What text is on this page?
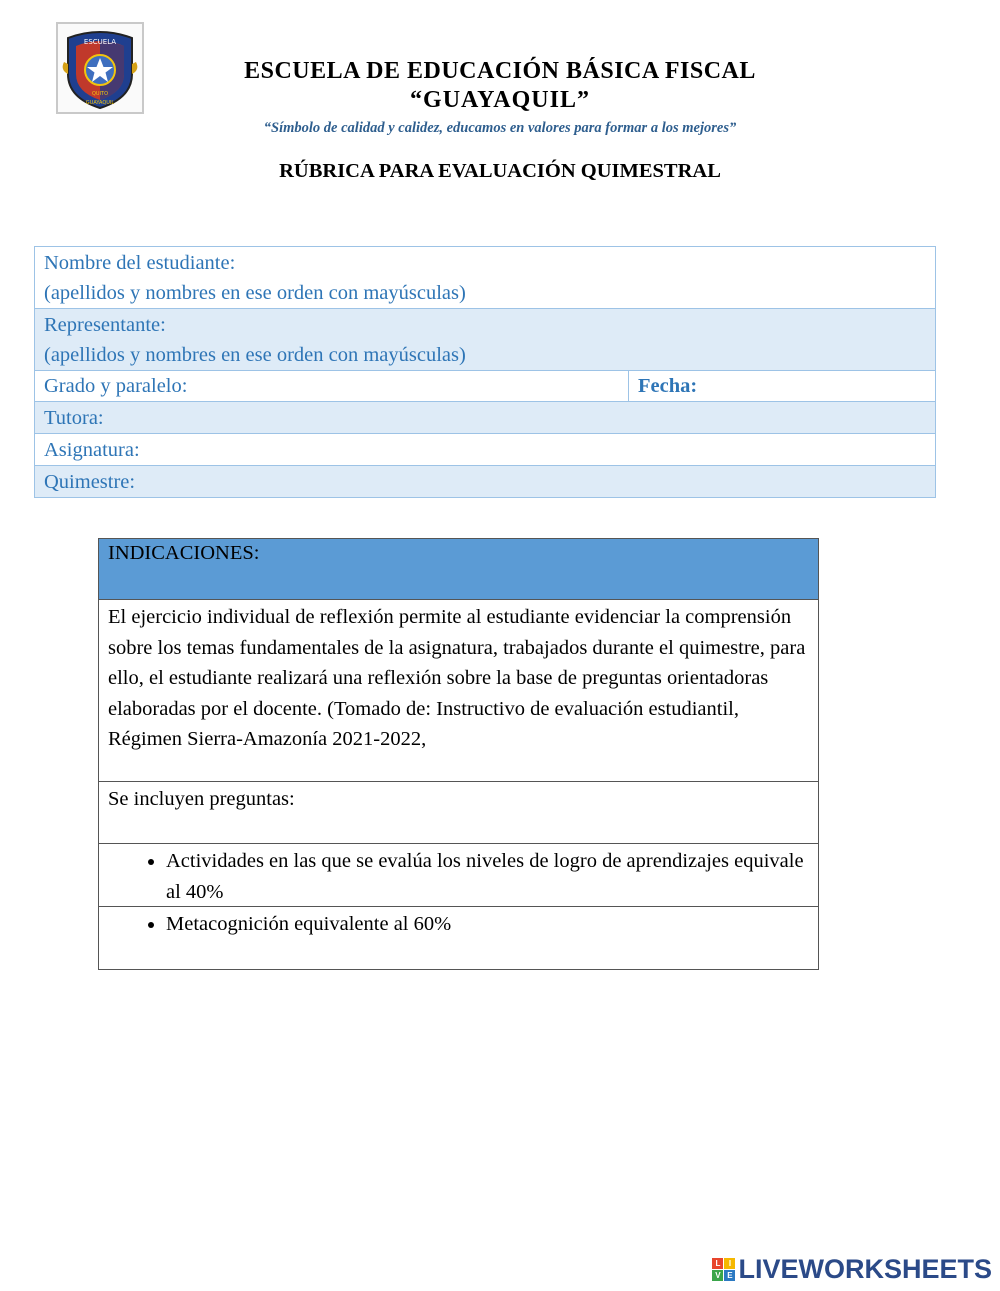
ESCUELA
QUITO
GUAYAQUIL
ESCUELA DE EDUCACIÓN BÁSICA FISCAL
“GUAYAQUIL”
“Símbolo de calidad y calidez, educamos en valores para formar a los mejores”
RÚBRICA PARA EVALUACIÓN QUIMESTRAL
Nombre del estudiante:
(apellidos y nombres en ese orden con mayúsculas)
Representante:
(apellidos y nombres en ese orden con mayúsculas)
Grado y paralelo:	Fecha:
Tutora:
Asignatura:
Quimestre:
INDICACIONES:
El ejercicio individual de reflexión permite al estudiante evidenciar la comprensión sobre los temas fundamentales de la asignatura, trabajados durante el quimestre, para ello, el estudiante realizará una reflexión sobre la base de preguntas orientadoras elaboradas por el docente. (Tomado de: Instructivo de evaluación estudiantil, Régimen Sierra-Amazonía 2021-2022,
Se incluyen preguntas:
• Actividades en las que se evalúa los niveles de logro de aprendizajes equivale al 40%
• Metacognición equivalente al 60%
L	I
V E LIVEWORKSHEETS
